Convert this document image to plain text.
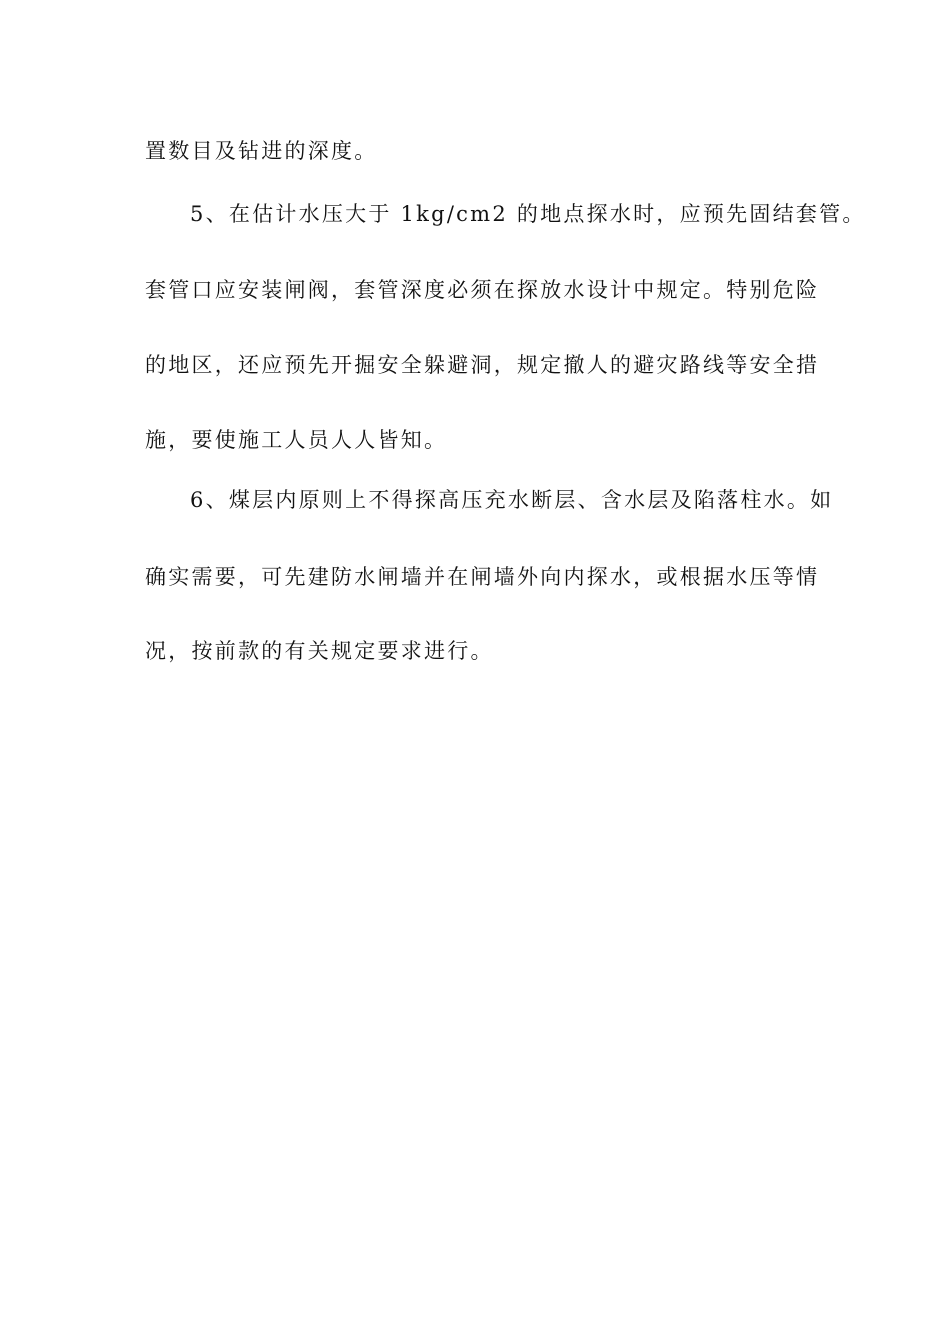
置数目及钻进的深度。
5、在估计水压大于 1kg/cm2 的地点探水时，应预先固结套管。
套管口应安装闸阀，套管深度必须在探放水设计中规定。特别危险
的地区，还应预先开掘安全躲避洞，规定撤人的避灾路线等安全措
施，要使施工人员人人皆知。
6、煤层内原则上不得探高压充水断层、含水层及陷落柱水。如
确实需要，可先建防水闸墙并在闸墙外向内探水，或根据水压等情
况，按前款的有关规定要求进行。
